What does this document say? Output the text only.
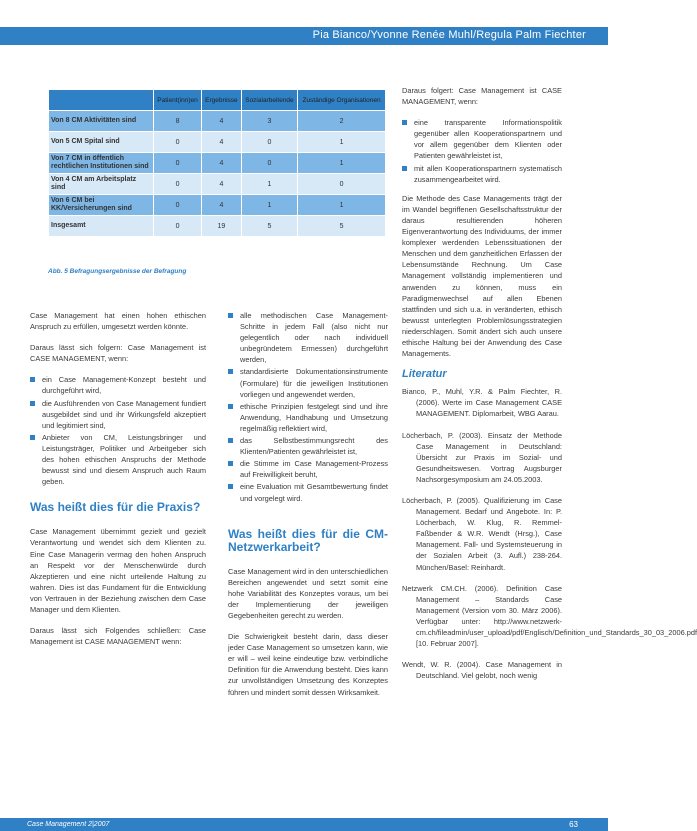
Pia Bianco/Yvonne Renée Muhl/Regula Palm Fiechter
	Patient(inn)en	Ergebnisse	Sozialarbeitende	Zuständige Organisationen
Von 8 CM Aktivitäten sind	8	4	3	2
Von 5 CM Spital sind	0	4	0	1
Von 7 CM in öffentlich rechtlichen Institutionen sind	0	4	0	1
Von 4 CM am Arbeitsplatz sind	0	4	1	0
Von 6 CM bei KK/Versicherungen sind	0	4	1	1
Insgesamt	0	19	5	5
Abb. 5 Befragungsergebnisse der Befragung

Case Management hat einen hohen ethischen Anspruch zu erfüllen, umgesetzt werden könnte.

Daraus lässt sich folgern: Case Management ist CASE MANAGEMENT, wenn:

ein Case Management-Konzept besteht und durchgeführt wird,
die Ausführenden von Case Management fundiert ausgebildet sind und ihr Wirkungsfeld akzeptiert und legitimiert sind,
Anbieter von CM, Leistungsbringer und Leistungsträger, Politiker und Arbeitgeber sich des hohen ethischen Anspruchs der Methode bewusst sind und diesem Anspruch auch Raum geben.
Was heißt dies für die Praxis?

Case Management übernimmt gezielt und gezielt Verantwortung und wendet sich dem Klienten zu. Eine Case Managerin vermag den hohen Anspruch an Respekt vor der Menschenwürde durch Akzeptieren und eine nicht urteilende Haltung zu wahren. Dies ist das Fundament für die Entwicklung von Vertrauen in der Beziehung zwischen dem Case Manager und dem Klienten.

Daraus lässt sich Folgendes schließen: Case Management ist CASE MANAGEMENT wenn:

alle methodischen Case Management-Schritte in jedem Fall (also nicht nur gelegentlich oder nach individuell unbegründetem Ermessen) durchgeführt werden,
standardisierte Dokumentationsinstrumente (Formulare) für die jeweiligen Institutionen vorliegen und angewendet werden,
ethische Prinzipien festgelegt sind und ihre Anwendung, Handhabung und Umsetzung regelmäßig reflektiert wird,
das Selbstbestimmungsrecht des Klienten/Patienten gewährleistet ist,
die Stimme im Case Management-Prozess auf Freiwilligkeit beruht,
eine Evaluation mit Gesamtbewertung findet und vorgelegt wird.
Was heißt dies für die CM-Netzwerkarbeit?

Case Management wird in den unterschiedlichen Bereichen angewendet und setzt somit eine hohe Variabilität des Konzeptes voraus, um bei der Implementierung der jeweiligen Gegebenheiten gerecht zu werden.

Die Schwierigkeit besteht darin, dass dieser jeder Case Management so umsetzen kann, wie er will – weil keine eindeutige bzw. verbindliche Definition für die Anwendung besteht. Dies kann zur unvollständigen Umsetzung des Konzeptes führen und mindert somit dessen Wirksamkeit.

Daraus folgert: Case Management ist CASE MANAGEMENT, wenn:

eine transparente Informationspolitik gegenüber allen Kooperationspartnern und vor allem gegenüber dem Klienten oder Patienten gewährleistet ist,
mit allen Kooperationspartnern systematisch zusammengearbeitet wird.

Die Methode des Case Managements trägt der im Wandel begriffenen Gesellschaftsstruktur der daraus resultierenden höheren Eigenverantwortung des Individuums, der immer komplexer werdenden Lebenssituationen der Menschen und dem ganzheitlichen Erfassen der Lebensumstände Rechnung. Um Case Management vollständig implementieren und anwenden zu können, muss ein Paradigmenwechsel auf allen Ebenen stattfinden und sich u.a. in veränderten, ethisch bewusst unterlegten Problemlösungsstrategien niederschlagen. Somit ändert sich auch unsere ethische Haltung bei der Anwendung des Case Managements.

Literatur

Bianco, P., Muhl, Y.R. & Palm Fiechter, R. (2006). Werte im Case Management CASE MANAGEMENT. Diplomarbeit, WBG Aarau.

Löcherbach, P. (2003). Einsatz der Methode Case Management in Deutschland: Übersicht zur Praxis im Sozial- und Gesundheitswesen. Vortrag Augsburger Nachsorgesymposium am 24.05.2003.

Löcherbach, P. (2005). Qualifizierung im Case Management. Bedarf und Angebote. In: P. Löcherbach, W. Klug, R. Remmel-Faßbender & W.R. Wendt (Hrsg.), Case Management. Fall- und Systemsteuerung in der Sozialen Arbeit (3. Aufl.) 238-264. München/Basel: Reinhardt.

Netzwerk CM.CH. (2006). Definition Case Management – Standards Case Management (Version vom 30. März 2006). Verfügbar unter: http://www.netzwerk-cm.ch/fileadmin/user_upload/pdf/Englisch/Definition_und_Standards_30_03_2006.pdf [10. Februar 2007].

Wendt, W. R. (2004). Case Management in Deutschland. Viel gelobt, noch wenig

Case Management 2|2007	63
